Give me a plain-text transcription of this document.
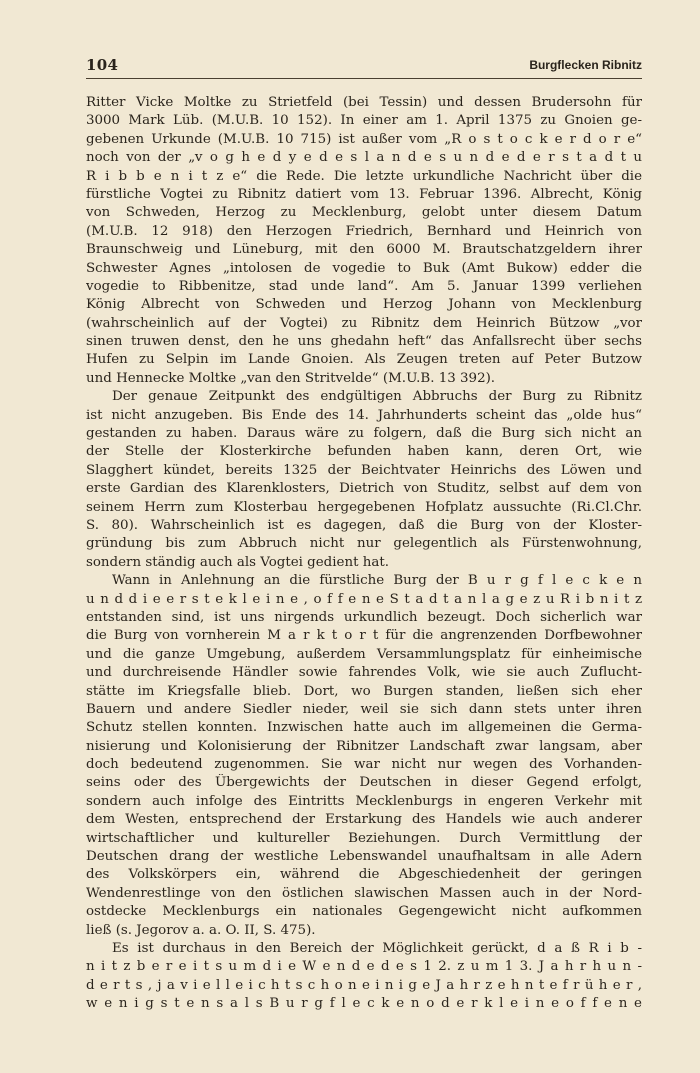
104	Burgflecken Ribnitz
Ritter Vicke Moltke zu Strietfeld (bei Tessin) und dessen Brudersohn für
3000 Mark Lüb. (M.U.B. 10 152). In einer am 1. April 1375 zu Gnoien ge-
gebenen Urkunde (M.U.B. 10 715) ist außer vom „R o s t o c k e r d o r e“
noch von der „v o g h e d y e d e s l a n d e s u n d e d e r s t a d t u
R i b b e n i t z e“ die Rede. Die letzte urkundliche Nachricht über die
fürstliche Vogtei zu Ribnitz datiert vom 13. Februar 1396. Albrecht, König
von Schweden, Herzog zu Mecklenburg, gelobt unter diesem Datum
(M.U.B. 12 918) den Herzogen Friedrich, Bernhard und Heinrich von
Braunschweig und Lüneburg, mit den 6000 M. Brautschatzgeldern ihrer
Schwester Agnes „intolosen de vogedie to Buk (Amt Bukow) edder die
vogedie to Ribbenitze, stad unde land“. Am 5. Januar 1399 verliehen
König Albrecht von Schweden und Herzog Johann von Mecklenburg
(wahrscheinlich auf der Vogtei) zu Ribnitz dem Heinrich Bützow „vor
sinen truwen denst, den he uns ghedahn heft“ das Anfallsrecht über sechs
Hufen zu Selpin im Lande Gnoien. Als Zeugen treten auf Peter Butzow
und Hennecke Moltke „van den Stritvelde“ (M.U.B. 13 392).
Der genaue Zeitpunkt des endgültigen Abbruchs der Burg zu Ribnitz
ist nicht anzugeben. Bis Ende des 14. Jahrhunderts scheint das „olde hus“
gestanden zu haben. Daraus wäre zu folgern, daß die Burg sich nicht an
der Stelle der Klosterkirche befunden haben kann, deren Ort, wie
Slagghert kündet, bereits 1325 der Beichtvater Heinrichs des Löwen und
erste Gardian des Klarenklosters, Dietrich von Studitz, selbst auf dem von
seinem Herrn zum Klosterbau hergegebenen Hofplatz aussuchte (Ri.Cl.Chr.
S. 80). Wahrscheinlich ist es dagegen, daß die Burg von der Kloster-
gründung bis zum Abbruch nicht nur gelegentlich als Fürstenwohnung,
sondern ständig auch als Vogtei gedient hat.
Wann in Anlehnung an die fürstliche Burg der B u r g f l e c k e n
u n d d i e e r s t e k l e i n e , o f f e n e S t a d t a n l a g e z u R i b n i t z
entstanden sind, ist uns nirgends urkundlich bezeugt. Doch sicherlich war
die Burg von vornherein M a r k t o r t für die angrenzenden Dorfbewohner
und die ganze Umgebung, außerdem Versammlungsplatz für einheimische
und durchreisende Händler sowie fahrendes Volk, wie sie auch Zuflucht-
stätte im Kriegsfalle blieb. Dort, wo Burgen standen, ließen sich eher
Bauern und andere Siedler nieder, weil sie sich dann stets unter ihren
Schutz stellen konnten. Inzwischen hatte auch im allgemeinen die Germa-
nisierung und Kolonisierung der Ribnitzer Landschaft zwar langsam, aber
doch bedeutend zugenommen. Sie war nicht nur wegen des Vorhanden-
seins oder des Übergewichts der Deutschen in dieser Gegend erfolgt,
sondern auch infolge des Eintritts Mecklenburgs in engeren Verkehr mit
dem Westen, entsprechend der Erstarkung des Handels wie auch anderer
wirtschaftlicher und kultureller Beziehungen. Durch Vermittlung der
Deutschen drang der westliche Lebenswandel unaufhaltsam in alle Adern
des Volkskörpers ein, während die Abgeschiedenheit der geringen
Wendenrestlinge von den östlichen slawischen Massen auch in der Nord-
ostdecke Mecklenburgs ein nationales Gegengewicht nicht aufkommen
ließ (s. Jegorov a. a. O. II, S. 475).
Es ist durchaus in den Bereich der Möglichkeit gerückt, d a ß R i b -
n i t z b e r e i t s u m d i e W e n d e d e s 1 2. z u m 1 3. J a h r h u n -
d e r t s , j a v i e l l e i c h t s c h o n e i n i g e J a h r z e h n t e f r ü h e r ,
w e n i g s t e n s a l s B u r g f l e c k e n o d e r k l e i n e o f f e n e
